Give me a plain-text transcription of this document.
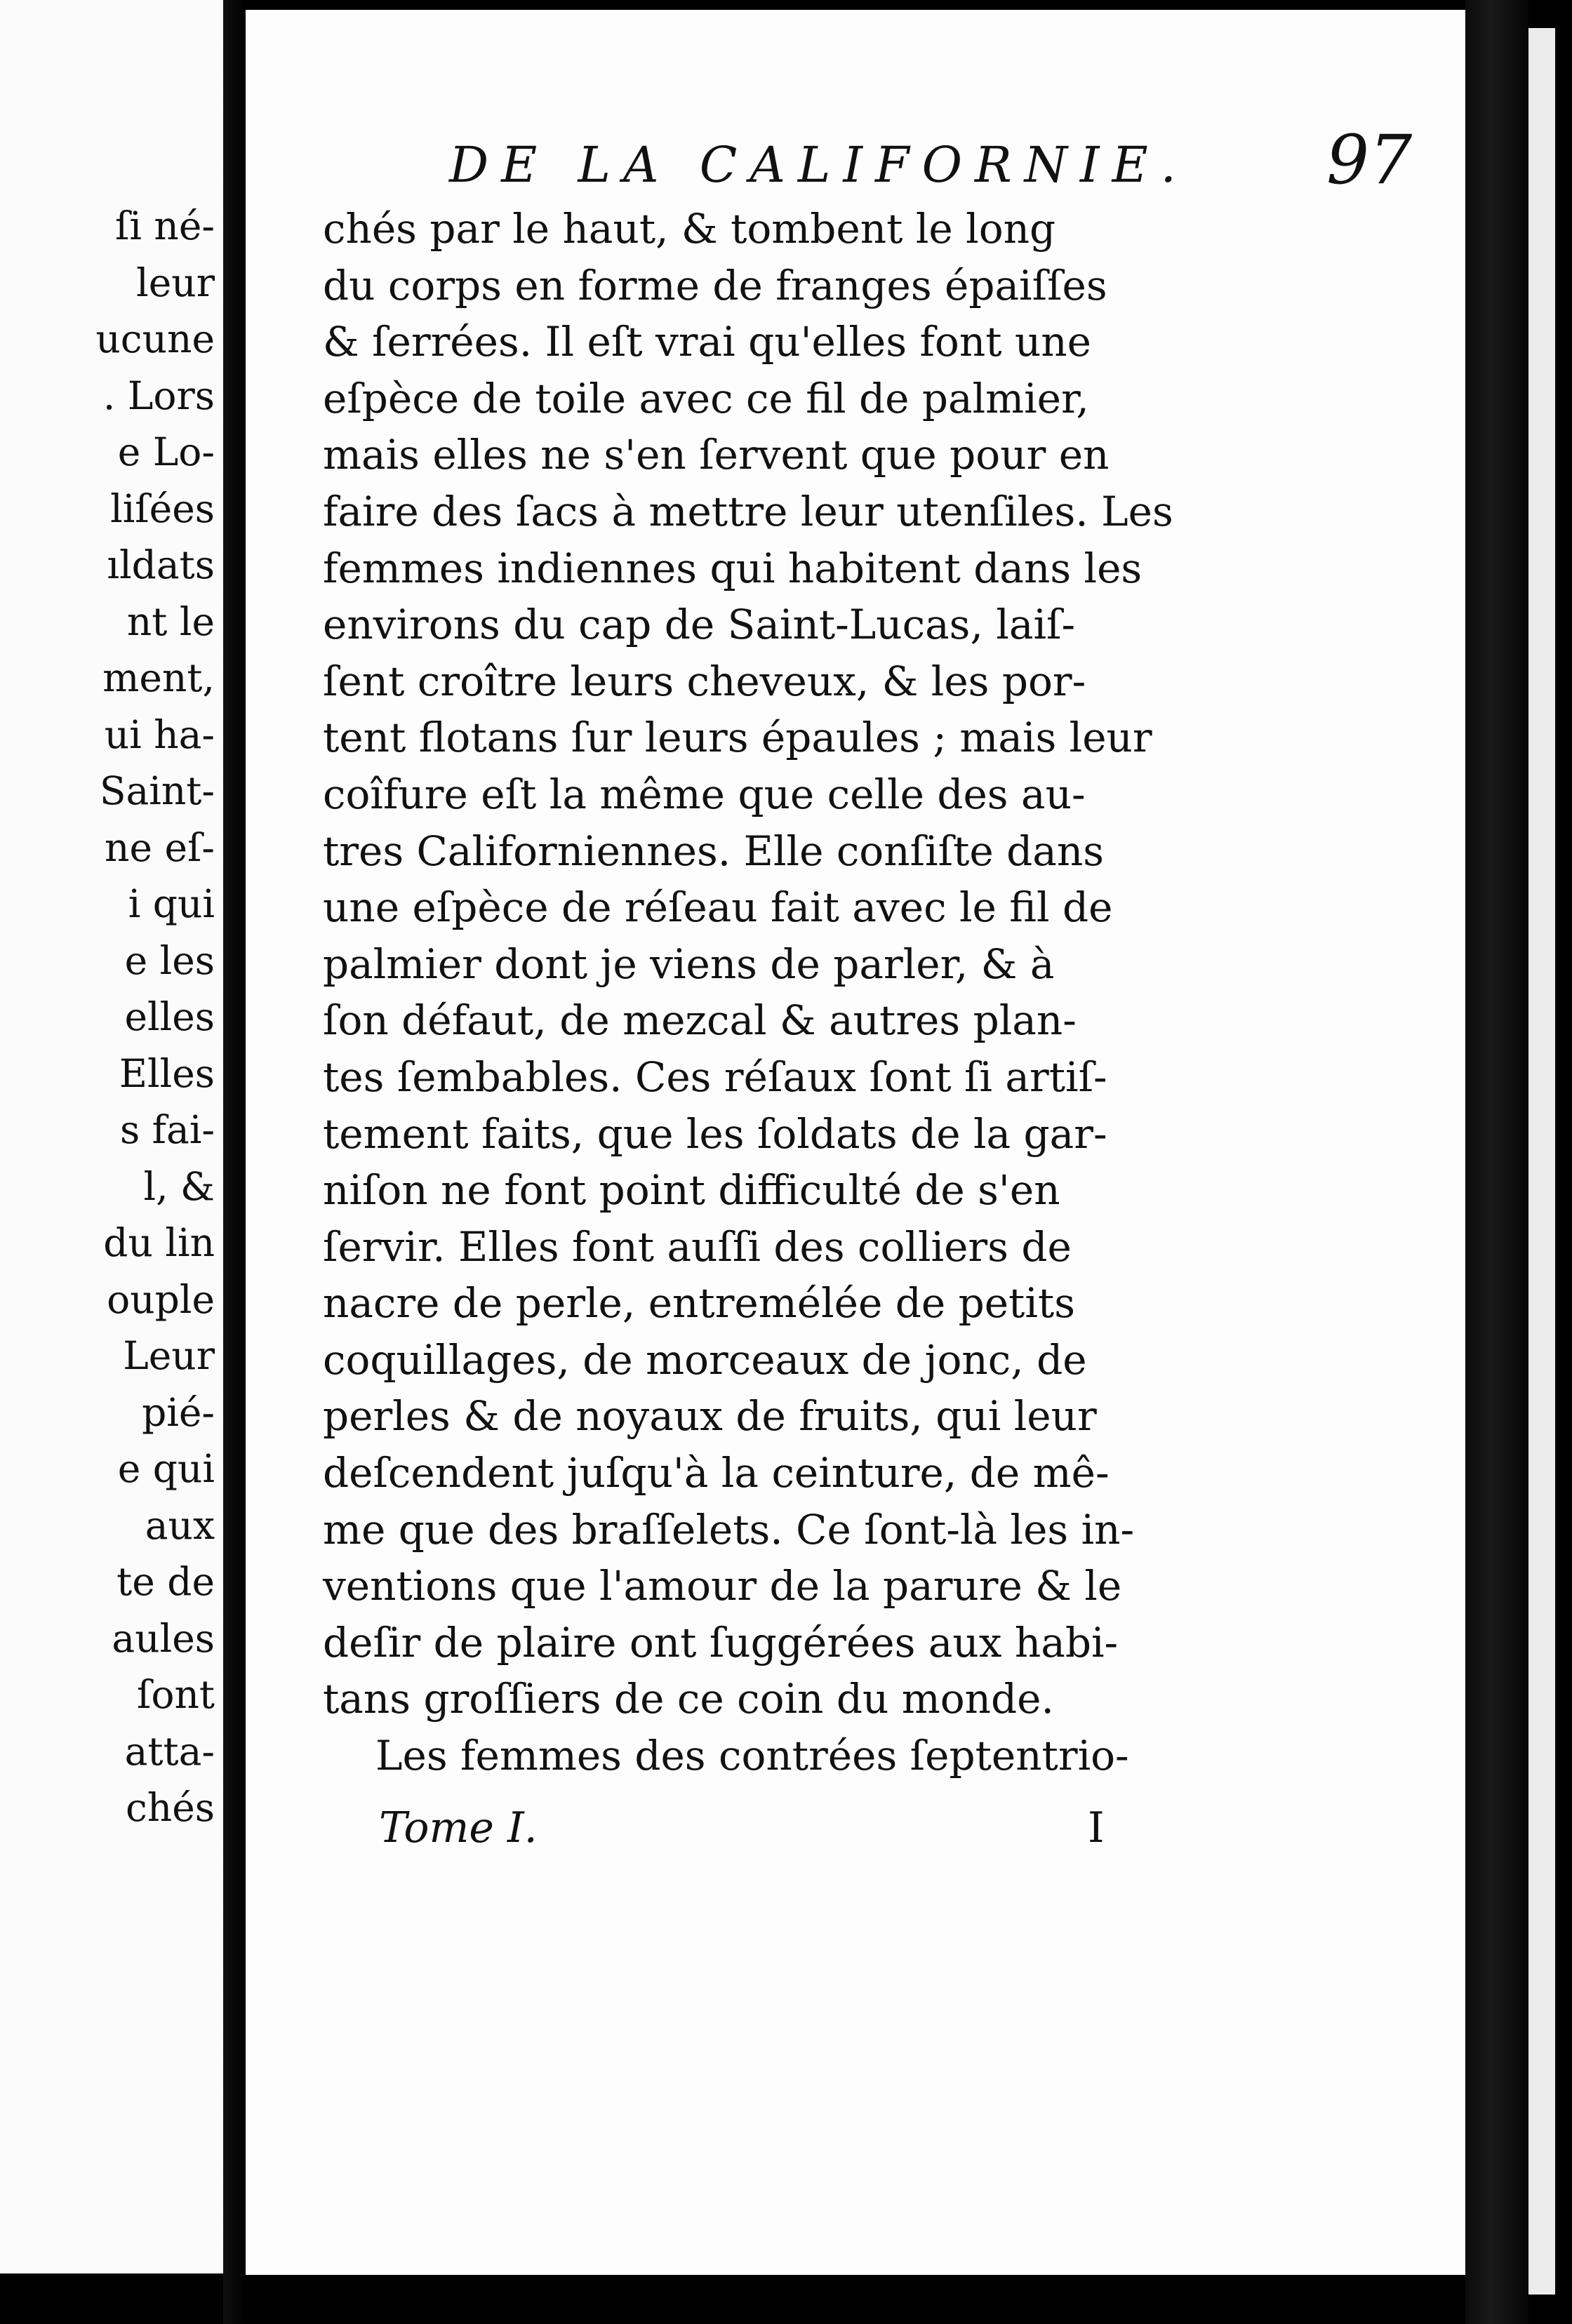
ſi né-
leur
ucune
. Lors
e Lo-
liſées
ıldats
nt le
ment,
ui ha-
Saint-
ne eſ-
i qui
e les
elles
Elles
s fai-
l, &
du lin
ouple
Leur
pié-
e qui
aux
te de
aules
ſont
atta-
chés
DE LA CALIFORNIE. 97
chés par le haut, & tombent le long
du corps en forme de franges épaiſſes
& ſerrées. Il eſt vrai qu'elles font une
eſpèce de toile avec ce fil de palmier,
mais elles ne s'en ſervent que pour en
faire des ſacs à mettre leur utenſiles. Les
femmes indiennes qui habitent dans les
environs du cap de Saint-Lucas, laiſ-
ſent croître leurs cheveux, & les por-
tent flotans ſur leurs épaules ; mais leur
coîfure eſt la même que celle des au-
tres Californiennes. Elle conſiſte dans
une eſpèce de réſeau fait avec le fil de
palmier dont je viens de parler, & à
ſon défaut, de mezcal & autres plan-
tes ſembables. Ces réſaux ſont ſi artiſ-
tement faits, que les ſoldats de la gar-
niſon ne font point difficulté de s'en
ſervir. Elles font auſſi des colliers de
nacre de perle, entremélée de petits
coquillages, de morceaux de jonc, de
perles & de noyaux de fruits, qui leur
deſcendent juſqu'à la ceinture, de mê-
me que des braſſelets. Ce ſont-là les in-
ventions que l'amour de la parure & le
deſir de plaire ont ſuggérées aux habi-
tans groſſiers de ce coin du monde.
Les femmes des contrées ſeptentrio-
Tome I.	I
